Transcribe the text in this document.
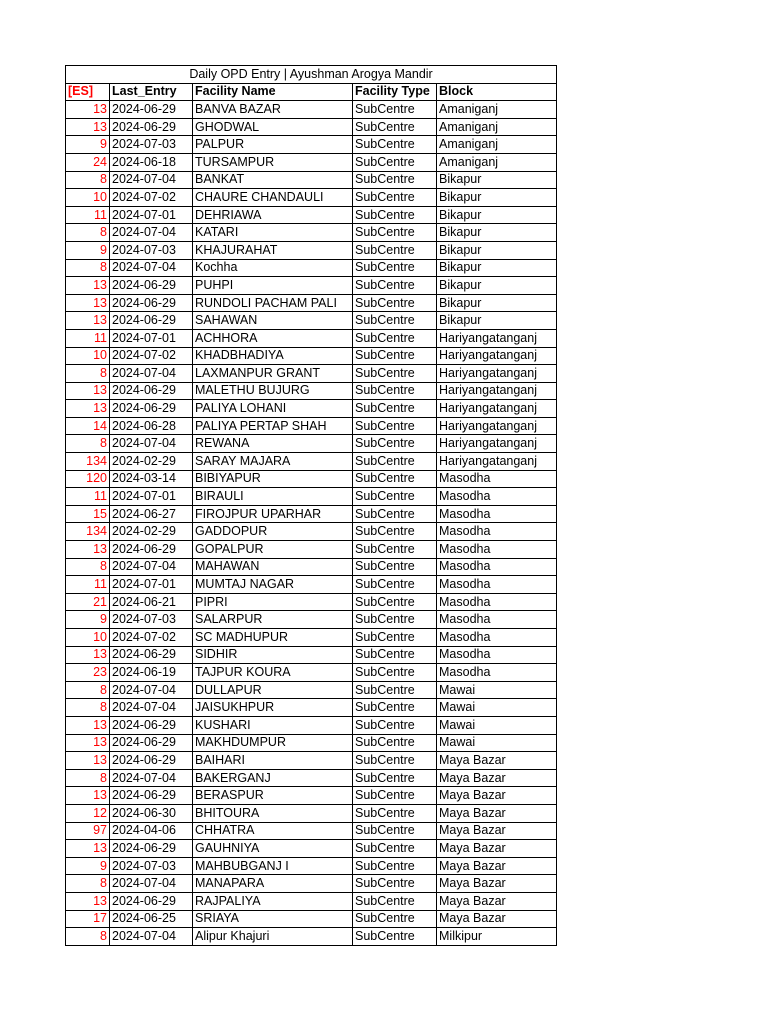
Daily OPD Entry | Ayushman Arogya Mandir				
[ES]	Last_Entry	Facility Name	Facility Type	Block
13	2024-06-29	BANVA BAZAR	SubCentre	Amaniganj
13	2024-06-29	GHODWAL	SubCentre	Amaniganj
9	2024-07-03	PALPUR	SubCentre	Amaniganj
24	2024-06-18	TURSAMPUR	SubCentre	Amaniganj
8	2024-07-04	BANKAT	SubCentre	Bikapur
10	2024-07-02	CHAURE CHANDAULI	SubCentre	Bikapur
11	2024-07-01	DEHRIAWA	SubCentre	Bikapur
8	2024-07-04	KATARI	SubCentre	Bikapur
9	2024-07-03	KHAJURAHAT	SubCentre	Bikapur
8	2024-07-04	Kochha	SubCentre	Bikapur
13	2024-06-29	PUHPI	SubCentre	Bikapur
13	2024-06-29	RUNDOLI PACHAM PALI	SubCentre	Bikapur
13	2024-06-29	SAHAWAN	SubCentre	Bikapur
11	2024-07-01	ACHHORA	SubCentre	Hariyangatanganj
10	2024-07-02	KHADBHADIYA	SubCentre	Hariyangatanganj
8	2024-07-04	LAXMANPUR GRANT	SubCentre	Hariyangatanganj
13	2024-06-29	MALETHU BUJURG	SubCentre	Hariyangatanganj
13	2024-06-29	PALIYA LOHANI	SubCentre	Hariyangatanganj
14	2024-06-28	PALIYA PERTAP SHAH	SubCentre	Hariyangatanganj
8	2024-07-04	REWANA	SubCentre	Hariyangatanganj
134	2024-02-29	SARAY MAJARA	SubCentre	Hariyangatanganj
120	2024-03-14	BIBIYAPUR	SubCentre	Masodha
11	2024-07-01	BIRAULI	SubCentre	Masodha
15	2024-06-27	FIROJPUR UPARHAR	SubCentre	Masodha
134	2024-02-29	GADDOPUR	SubCentre	Masodha
13	2024-06-29	GOPALPUR	SubCentre	Masodha
8	2024-07-04	MAHAWAN	SubCentre	Masodha
11	2024-07-01	MUMTAJ NAGAR	SubCentre	Masodha
21	2024-06-21	PIPRI	SubCentre	Masodha
9	2024-07-03	SALARPUR	SubCentre	Masodha
10	2024-07-02	SC MADHUPUR	SubCentre	Masodha
13	2024-06-29	SIDHIR	SubCentre	Masodha
23	2024-06-19	TAJPUR KOURA	SubCentre	Masodha
8	2024-07-04	DULLAPUR	SubCentre	Mawai
8	2024-07-04	JAISUKHPUR	SubCentre	Mawai
13	2024-06-29	KUSHARI	SubCentre	Mawai
13	2024-06-29	MAKHDUMPUR	SubCentre	Mawai
13	2024-06-29	BAIHARI	SubCentre	Maya Bazar
8	2024-07-04	BAKERGANJ	SubCentre	Maya Bazar
13	2024-06-29	BERASPUR	SubCentre	Maya Bazar
12	2024-06-30	BHITOURA	SubCentre	Maya Bazar
97	2024-04-06	CHHATRA	SubCentre	Maya Bazar
13	2024-06-29	GAUHNIYA	SubCentre	Maya Bazar
9	2024-07-03	MAHBUBGANJ I	SubCentre	Maya Bazar
8	2024-07-04	MANAPARA	SubCentre	Maya Bazar
13	2024-06-29	RAJPALIYA	SubCentre	Maya Bazar
17	2024-06-25	SRIAYA	SubCentre	Maya Bazar
8	2024-07-04	Alipur Khajuri	SubCentre	Milkipur
